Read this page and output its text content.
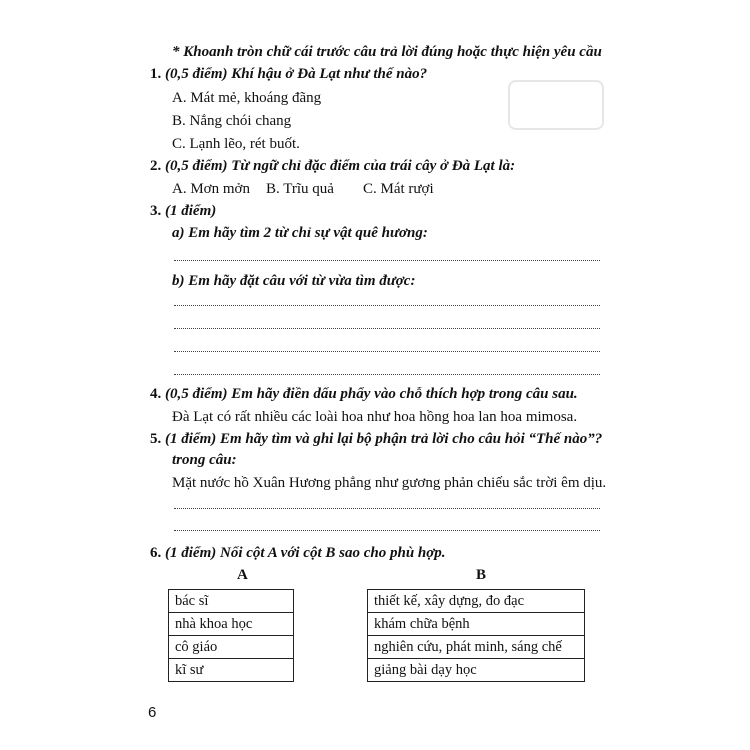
* Khoanh tròn chữ cái trước câu trả lời đúng hoặc thực hiện yêu cầu
1. (0,5 điểm) Khí hậu ở Đà Lạt như thế nào?
A. Mát mẻ, khoáng đãng
B. Nắng chói chang
C. Lạnh lẽo, rét buốt.
2. (0,5 điểm) Từ ngữ chỉ đặc điểm của trái cây ở Đà Lạt là:
A. Mơn mởn B. Trĩu quả C. Mát rượi
3. (1 điểm)
a) Em hãy tìm 2 từ chỉ sự vật quê hương:
b) Em hãy đặt câu với từ vừa tìm được:
4. (0,5 điểm) Em hãy điền dấu phẩy vào chỗ thích hợp trong câu sau.
Đà Lạt có rất nhiều các loài hoa như hoa hồng hoa lan hoa mimosa.
5. (1 điểm) Em hãy tìm và ghi lại bộ phận trả lời cho câu hỏi “Thế nào”?
trong câu:
Mặt nước hồ Xuân Hương phẳng như gương phản chiếu sắc trời êm dịu.
6. (1 điểm) Nối cột A với cột B sao cho phù hợp.
A	B
bác sĩ
nhà khoa học
cô giáo
kĩ sư
thiết kế, xây dựng, đo đạc
khám chữa bệnh
nghiên cứu, phát minh, sáng chế
giảng bài dạy học
6
